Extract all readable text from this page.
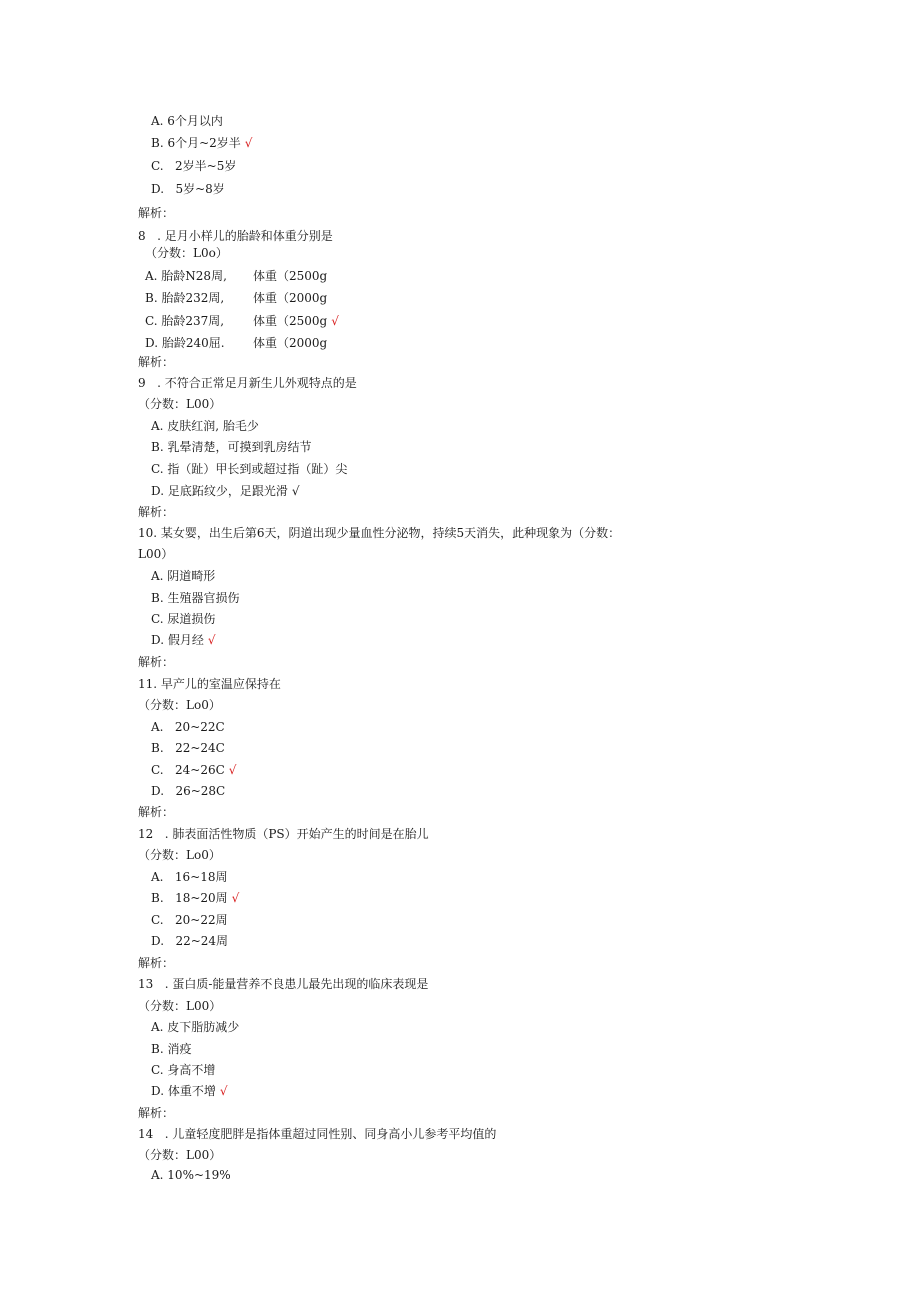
A. 6个月以内
B. 6个月~2岁半 √
C.   2岁半~5岁
D.   5岁~8岁
解析：
8   . 足月小样儿的胎龄和体重分别是
（分数：L0o）
A. 胎龄N28周, 体重（2500g
B. 胎龄232周, 体重（2000g
C. 胎龄237周, 体重（2500g √
D. 胎龄240屈. 体重（2000g
解析：
9   . 不符合正常足月新生儿外观特点的是
（分数：L00）
A. 皮肤红润, 胎毛少
B. 乳晕清楚，可摸到乳房结节
C. 指（趾）甲长到或超过指（趾）尖
D. 足底跖纹少，足跟光滑 √
解析：
10. 某女婴，出生后第6天，阴道出现少量血性分泌物，持续5天消失，此种现象为（分数：
L00）
A. 阴道畸形
B. 生殖器官损伤
C. 尿道损伤
D. 假月经 √
解析：
11. 早产儿的室温应保持在
（分数：Lo0）
A.   20~22C
B.   22~24C
C.   24~26C √
D.   26~28C
解析：
12   . 肺表面活性物质（PS）开始产生的时间是在胎儿
（分数：Lo0）
A.   16~18周
B.   18~20周 √
C.   20~22周
D.   22~24周
解析：
13   . 蛋白质-能量营养不良患儿最先出现的临床表现是
（分数：L00）
A. 皮下脂肪减少
B. 消疫
C. 身高不增
D. 体重不增 √
解析：
14   . 儿童轻度肥胖是指体重超过同性别、同身高小儿参考平均值的
（分数：L00）
A. 10%~19%
